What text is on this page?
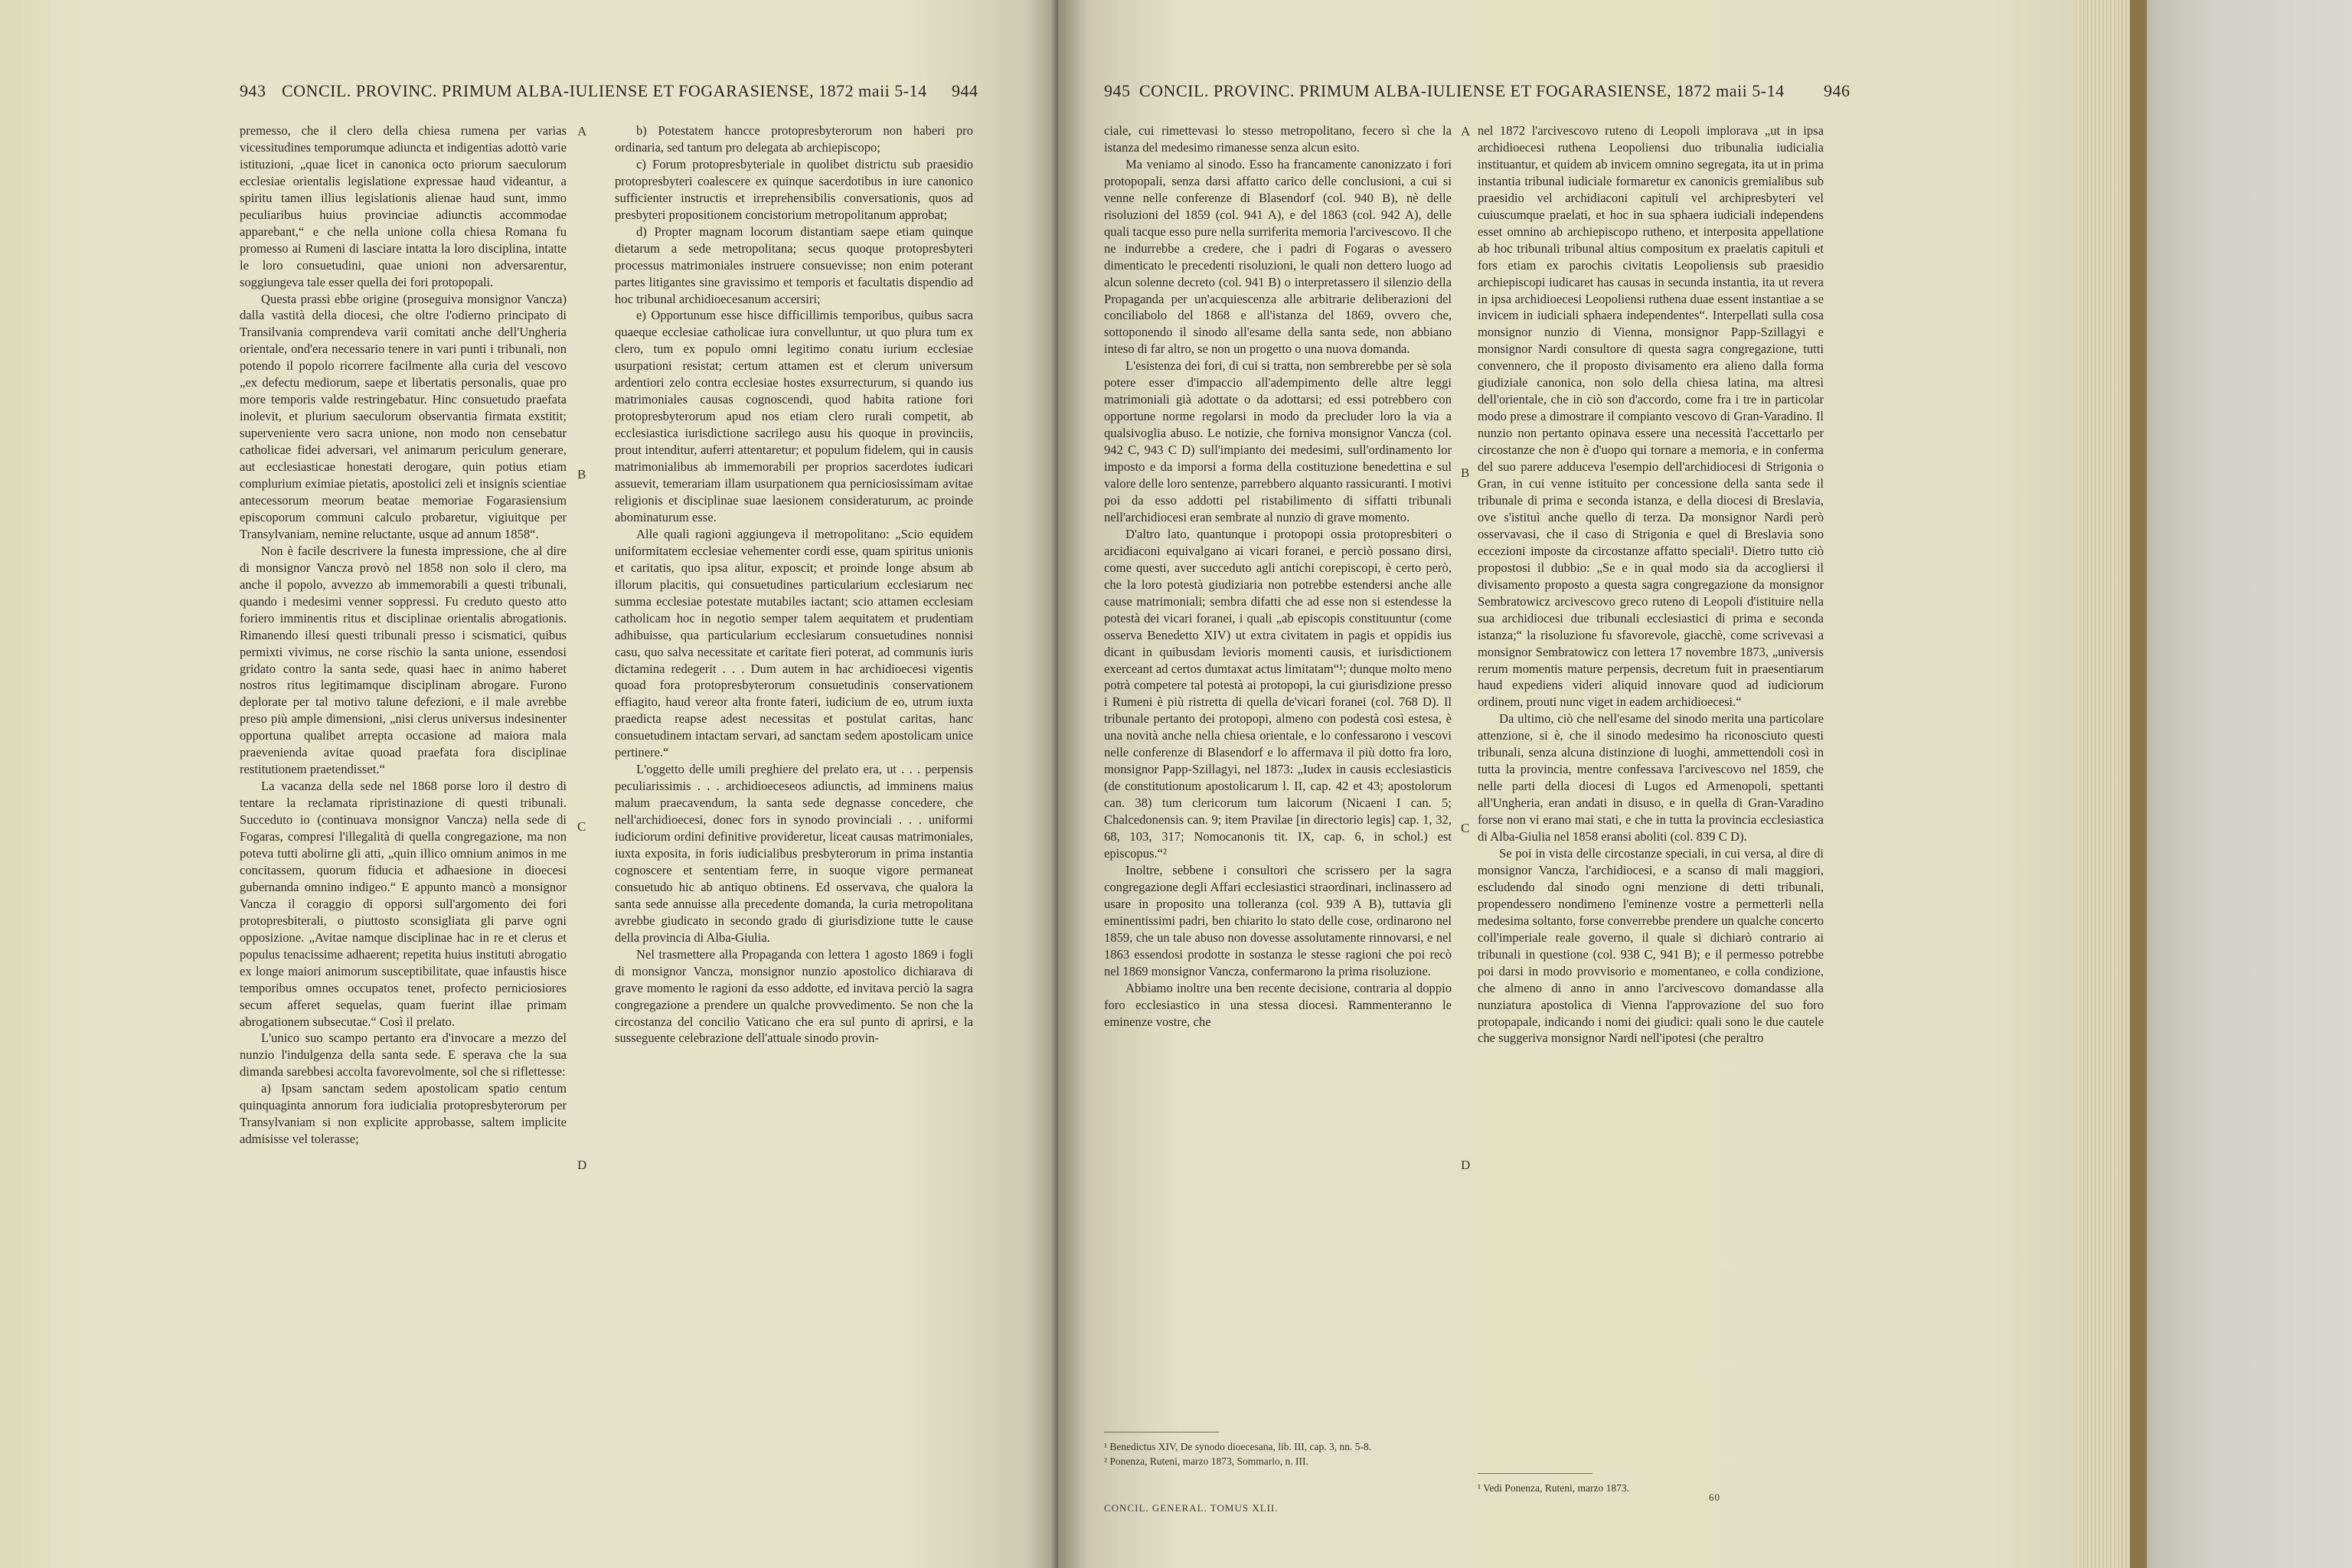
943 CONCIL. PROVINC. PRIMUM ALBA-IULIENSE ET FOGARASIENSE, 1872 maii 5-14 944

premesso, che il clero della chiesa rumena per varias vicessitudines temporumque adiuncta et indigentias adottò varie istituzioni, „quae licet in canonica octo priorum saeculorum ecclesiae orientalis legislatione expressae haud videantur, a spiritu tamen illius legislationis alienae haud sunt, immo peculiaribus huius provinciae adiunctis accommodae apparebant,“ e che nella unione colla chiesa Romana fu promesso ai Rumeni di lasciare intatta la loro disciplina, intatte le loro consuetudini, quae unioni non adversarentur, soggiungeva tale esser quella dei fori protopopali.

Questa prassi ebbe origine (proseguiva monsignor Vancza) dalla vastità della diocesi, che oltre l'odierno principato di Transilvania comprendeva varii comitati anche dell'Ungheria orientale, ond'era necessario tenere in vari punti i tribunali, non potendo il popolo ricorrere facilmente alla curia del vescovo „ex defectu mediorum, saepe et libertatis personalis, quae pro more temporis valde restringebatur. Hinc consuetudo praefata inolevit, et plurium saeculorum observantia firmata exstitit; superveniente vero sacra unione, non modo non censebatur catholicae fidei adversari, vel animarum periculum generare, aut ecclesiasticae honestati derogare, quin potius etiam complurium eximiae pietatis, apostolici zeli et insignis scientiae antecessorum meorum beatae memoriae Fogarasiensium episcoporum communi calculo probaretur, vigiuitque per Transylvaniam, nemine reluctante, usque ad annum 1858“.

Non è facile descrivere la funesta impressione, che al dire di monsignor Vancza provò nel 1858 non solo il clero, ma anche il popolo, avvezzo ab immemorabili a questi tribunali, quando i medesimi venner soppressi. Fu creduto questo atto foriero imminentis ritus et disciplinae orientalis abrogationis. Rimanendo illesi questi tribunali presso i scismatici, quibus permixti vivimus, ne corse rischio la santa unione, essendosi gridato contro la santa sede, quasi haec in animo haberet nostros ritus legitimamque disciplinam abrogare. Furono deplorate per tal motivo talune defezioni, e il male avrebbe preso più ample dimensioni, „nisi clerus universus indesinenter opportuna qualibet arrepta occasione ad maiora mala praevenienda avitae quoad praefata fora disciplinae restitutionem praetendisset.“

La vacanza della sede nel 1868 porse loro il destro di tentare la reclamata ripristinazione di questi tribunali. Succeduto io (continuava monsignor Vancza) nella sede di Fogaras, compresi l'illegalità di quella congregazione, ma non poteva tutti abolirne gli atti, „quin illico omnium animos in me concitassem, quorum fiducia et adhaesione in dioecesi gubernanda omnino indigeo.“ E appunto mancò a monsignor Vancza il coraggio di opporsi sull'argomento dei fori protopresbiterali, o piuttosto sconsigliata gli parve ogni opposizione. „Avitae namque disciplinae hac in re et clerus et populus tenacissime adhaerent; repetita huius instituti abrogatio ex longe maiori animorum susceptibilitate, quae infaustis hisce temporibus omnes occupatos tenet, profecto perniciosiores secum afferet sequelas, quam fuerint illae primam abrogationem subsecutae.“ Così il prelato.

L'unico suo scampo pertanto era d'invocare a mezzo del nunzio l'indulgenza della santa sede. E sperava che la sua dimanda sarebbesi accolta favorevolmente, sol che si riflettesse:

a) Ipsam sanctam sedem apostolicam spatio centum quinquaginta annorum fora iudicialia protopresbyterorum per Transylvaniam si non explicite approbasse, saltem implicite admisisse vel tolerasse;

b) Potestatem hancce protopresbyterorum non haberi pro ordinaria, sed tantum pro delegata ab archiepiscopo;

c) Forum protopresbyteriale in quolibet districtu sub praesidio protopresbyteri coalescere ex quinque sacerdotibus in iure canonico sufficienter instructis et irreprehensibilis conversationis, quos ad presbyteri propositionem concistorium metropolitanum approbat;

d) Propter magnam locorum distantiam saepe etiam quinque dietarum a sede metropolitana; secus quoque protopresbyteri processus matrimoniales instruere consuevisse; non enim poterant partes litigantes sine gravissimo et temporis et facultatis dispendio ad hoc tribunal archidioecesanum accersiri;

e) Opportunum esse hisce difficillimis temporibus, quibus sacra quaeque ecclesiae catholicae iura convelluntur, ut quo plura tum ex clero, tum ex populo omni legitimo conatu iurium ecclesiae usurpationi resistat; certum attamen est et clerum universum ardentiori zelo contra ecclesiae hostes exsurrecturum, si quando ius matrimoniales causas cognoscendi, quod habita ratione fori protopresbyterorum apud nos etiam clero rurali competit, ab ecclesiastica iurisdictione sacrilego ausu his quoque in provinciis, prout intenditur, auferri attentaretur; et populum fidelem, qui in causis matrimonialibus ab immemorabili per proprios sacerdotes iudicari assuevit, temerariam illam usurpationem qua perniciosissimam avitae religionis et disciplinae suae laesionem consideraturum, ac proinde abominaturum esse.

Alle quali ragioni aggiungeva il metropolitano: „Scio equidem uniformitatem ecclesiae vehementer cordi esse, quam spiritus unionis et caritatis, quo ipsa alitur, exposcit; et proinde longe absum ab illorum placitis, qui consuetudines particularium ecclesiarum nec summa ecclesiae potestate mutabiles iactant; scio attamen ecclesiam catholicam hoc in negotio semper talem aequitatem et prudentiam adhibuisse, qua particularium ecclesiarum consuetudines nonnisi casu, quo salva necessitate et caritate fieri poterat, ad communis iuris dictamina redegerit . . . Dum autem in hac archidioecesi vigentis quoad fora protopresbyterorum consuetudinis conservationem effiagito, haud vereor alta fronte fateri, iudicium de eo, utrum iuxta praedicta reapse adest necessitas et postulat caritas, hanc consuetudinem intactam servari, ad sanctam sedem apostolicam unice pertinere.“

L'oggetto delle umili preghiere del prelato era, ut . . . perpensis peculiarissimis . . . archidioeceseos adiunctis, ad imminens maius malum praecavendum, la santa sede degnasse concedere, che nell'archidioecesi, donec fors in synodo provinciali . . . uniformi iudiciorum ordini definitive provideretur, liceat causas matrimoniales, iuxta exposita, in foris iudicialibus presbyterorum in prima instantia cognoscere et sententiam ferre, in suoque vigore permaneat consuetudo hic ab antiquo obtinens. Ed osservava, che qualora la santa sede annuisse alla precedente domanda, la curia metropolitana avrebbe giudicato in secondo grado di giurisdizione tutte le cause della provincia di Alba-Giulia.

Nel trasmettere alla Propaganda con lettera 1 agosto 1869 i fogli di monsignor Vancza, monsignor nunzio apostolico dichiarava di grave momento le ragioni da esso addotte, ed invitava perciò la sagra congregazione a prendere un qualche provvedimento. Se non che la circostanza del concilio Vaticano che era sul punto di aprirsi, e la susseguente celebrazione dell'attuale sinodo provin-

A
B
C
D
945 CONCIL. PROVINC. PRIMUM ALBA-IULIENSE ET FOGARASIENSE, 1872 maii 5-14 946

ciale, cui rimettevasi lo stesso metropolitano, fecero sì che la istanza del medesimo rimanesse senza alcun esito.

Ma veniamo al sinodo. Esso ha francamente canonizzato i fori protopopali, senza darsi affatto carico delle conclusioni, a cui si venne nelle conferenze di Blasendorf (col. 940 B), nè delle risoluzioni del 1859 (col. 941 A), e del 1863 (col. 942 A), delle quali tacque esso pure nella surriferita memoria l'arcivescovo. Il che ne indurrebbe a credere, che i padri di Fogaras o avessero dimenticato le precedenti risoluzioni, le quali non dettero luogo ad alcun solenne decreto (col. 941 B) o interpretassero il silenzio della Propaganda per un'acquiescenza alle arbitrarie deliberazioni del conciliabolo del 1868 e all'istanza del 1869, ovvero che, sottoponendo il sinodo all'esame della santa sede, non abbiano inteso di far altro, se non un progetto o una nuova domanda.

L'esistenza dei fori, di cui si tratta, non sembrerebbe per sè sola potere esser d'impaccio all'adempimento delle altre leggi matrimoniali già adottate o da adottarsi; ed essi potrebbero con opportune norme regolarsi in modo da precluder loro la via a qualsivoglia abuso. Le notizie, che forniva monsignor Vancza (col. 942 C, 943 C D) sull'impianto dei medesimi, sull'ordinamento lor imposto e da imporsi a forma della costituzione benedettina e sul valore delle loro sentenze, parrebbero alquanto rassicuranti. I motivi poi da esso addotti pel ristabilimento di siffatti tribunali nell'archidiocesi eran sembrate al nunzio di grave momento.

D'altro lato, quantunque i protopopi ossia protopresbiteri o arcidiaconi equivalgano ai vicari foranei, e perciò possano dirsi, come questi, aver succeduto agli antichi corepiscopi, è certo però, che la loro potestà giudiziaria non potrebbe estendersi anche alle cause matrimoniali; sembra difatti che ad esse non si estendesse la potestà dei vicari foranei, i quali „ab episcopis constituuntur (come osserva Benedetto XIV) ut extra civitatem in pagis et oppidis ius dicant in quibusdam levioris momenti causis, et iurisdictionem exerceant ad certos dumtaxat actus limitatam“¹; dunque molto meno potrà competere tal potestà ai protopopi, la cui giurisdizione presso i Rumeni è più ristretta di quella de'vicari foranei (col. 768 D). Il tribunale pertanto dei protopopi, almeno con podestà così estesa, è una novità anche nella chiesa orientale, e lo confessarono i vescovi nelle conferenze di Blasendorf e lo affermava il più dotto fra loro, monsignor Papp-Szillagyi, nel 1873: „Iudex in causis ecclesiasticis (de constitutionum apostolicarum l. II, cap. 42 et 43; apostolorum can. 38) tum clericorum tum laicorum (Nicaeni I can. 5; Chalcedonensis can. 9; item Pravilae [in directorio legis] cap. 1, 32, 68, 103, 317; Nomocanonis tit. IX, cap. 6, in schol.) est episcopus.“²

Inoltre, sebbene i consultori che scrissero per la sagra congregazione degli Affari ecclesiastici straordinari, inclinassero ad usare in proposito una tolleranza (col. 939 A B), tuttavia gli eminentissimi padri, ben chiarito lo stato delle cose, ordinarono nel 1859, che un tale abuso non dovesse assolutamente rinnovarsi, e nel 1863 essendosi prodotte in sostanza le stesse ragioni che poi recò nel 1869 monsignor Vancza, confermarono la prima risoluzione.

Abbiamo inoltre una ben recente decisione, contraria al doppio foro ecclesiastico in una stessa diocesi. Rammenteranno le eminenze vostre, che

nel 1872 l'arcivescovo ruteno di Leopoli implorava „ut in ipsa archidioecesi ruthena Leopoliensi duo tribunalia iudicialia instituantur, et quidem ab invicem omnino segregata, ita ut in prima instantia tribunal iudiciale formaretur ex canonicis gremialibus sub praesidio vel archidiaconi capituli vel archipresbyteri vel cuiuscumque praelati, et hoc in sua sphaera iudiciali independens esset omnino ab archiepiscopo rutheno, et interposita appellatione ab hoc tribunali tribunal altius compositum ex praelatis capituli et fors etiam ex parochis civitatis Leopoliensis sub praesidio archiepiscopi iudicaret has causas in secunda instantia, ita ut revera in ipsa archidioecesi Leopoliensi ruthena duae essent instantiae a se invicem in iudiciali sphaera independentes“. Interpellati sulla cosa monsignor nunzio di Vienna, monsignor Papp-Szillagyi e monsignor Nardi consultore di questa sagra congregazione, tutti convennero, che il proposto divisamento era alieno dalla forma giudiziale canonica, non solo della chiesa latina, ma altresì dell'orientale, che in ciò son d'accordo, come fra i tre in particolar modo prese a dimostrare il compianto vescovo di Gran-Varadino. Il nunzio non pertanto opinava essere una necessità l'accettarlo per circostanze che non è d'uopo qui tornare a memoria, e in conferma del suo parere adduceva l'esempio dell'archidiocesi di Strigonia o Gran, in cui venne istituito per concessione della santa sede il tribunale di prima e seconda istanza, e della diocesi di Breslavia, ove s'istituì anche quello di terza. Da monsignor Nardi però osservavasi, che il caso di Strigonia e quel di Breslavia sono eccezioni imposte da circostanze affatto speciali¹. Dietro tutto ciò propostosi il dubbio: „Se e in qual modo sia da accogliersi il divisamento proposto a questa sagra congregazione da monsignor Sembratowicz arcivescovo greco ruteno di Leopoli d'istituire nella sua archidiocesi due tribunali ecclesiastici di prima e seconda istanza;“ la risoluzione fu sfavorevole, giacchè, come scrivevasi a monsignor Sembratowicz con lettera 17 novembre 1873, „universis rerum momentis mature perpensis, decretum fuit in praesentiarum haud expediens videri aliquid innovare quod ad iudiciorum ordinem, prouti nunc viget in eadem archidioecesi.“

Da ultimo, ciò che nell'esame del sinodo merita una particolare attenzione, si è, che il sinodo medesimo ha riconosciuto questi tribunali, senza alcuna distinzione di luoghi, ammettendoli così in tutta la provincia, mentre confessava l'arcivescovo nel 1859, che nelle parti della diocesi di Lugos ed Armenopoli, spettanti all'Ungheria, eran andati in disuso, e in quella di Gran-Varadino forse non vi erano mai stati, e che in tutta la provincia ecclesiastica di Alba-Giulia nel 1858 eransi aboliti (col. 839 C D).

Se poi in vista delle circostanze speciali, in cui versa, al dire di monsignor Vancza, l'archidiocesi, e a scanso di mali maggiori, escludendo dal sinodo ogni menzione di detti tribunali, propendessero nondimeno l'eminenze vostre a permetterli nella medesima soltanto, forse converrebbe prendere un qualche concerto coll'imperiale reale governo, il quale si dichiarò contrario ai tribunali in questione (col. 938 C, 941 B); e il permesso potrebbe poi darsi in modo provvisorio e momentaneo, e colla condizione, che almeno di anno in anno l'arcivescovo domandasse alla nunziatura apostolica di Vienna l'approvazione del suo foro protopapale, indicando i nomi dei giudici: quali sono le due cautele che suggeriva monsignor Nardi nell'ipotesi (che peraltro

A
B
C
D
¹ Benedictus XIV, De synodo dioecesana, lib. III, cap. 3, nn. 5-8.
² Ponenza, Ruteni, marzo 1873, Sommario, n. III.
CONCIL. GENERAL. TOMUS XLII.
¹ Vedi Ponenza, Ruteni, marzo 1873.
60
